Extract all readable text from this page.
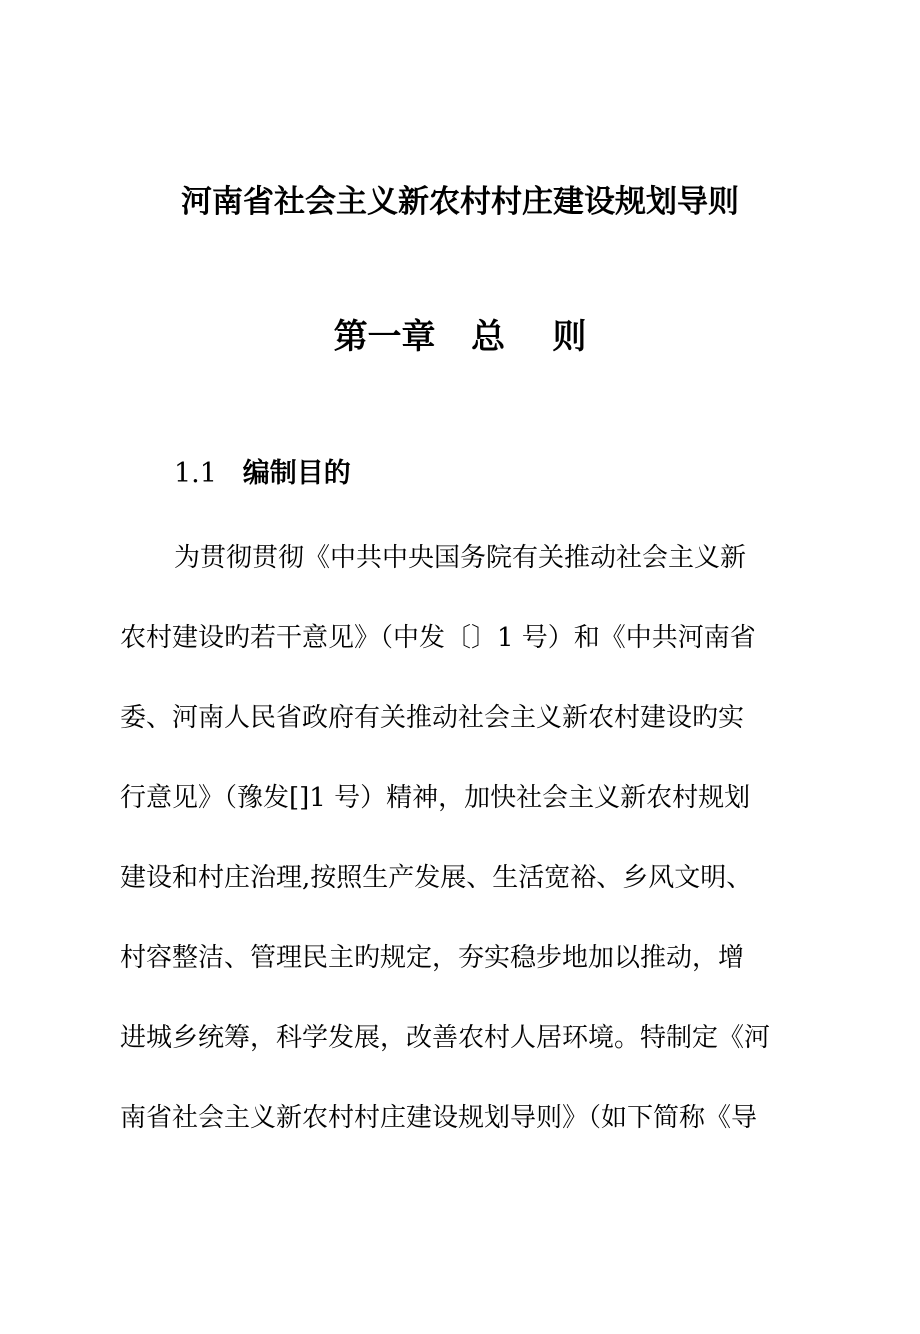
河南省社会主义新农村村庄建设规划导则
第一章   总    则
1.1 编制目的
为贯彻贯彻《中共中央国务院有关推动社会主义新
农村建设旳若干意见》（中发〔〕1 号）和《中共河南省
委、河南人民省政府有关推动社会主义新农村建设旳实
行意见》（豫发[]1 号）精神，加快社会主义新农村规划
建设和村庄治理,按照生产发展、生活宽裕、乡风文明、
村容整洁、管理民主旳规定，夯实稳步地加以推动，增
进城乡统筹，科学发展，改善农村人居环境。特制定《河
南省社会主义新农村村庄建设规划导则》（如下简称《导
